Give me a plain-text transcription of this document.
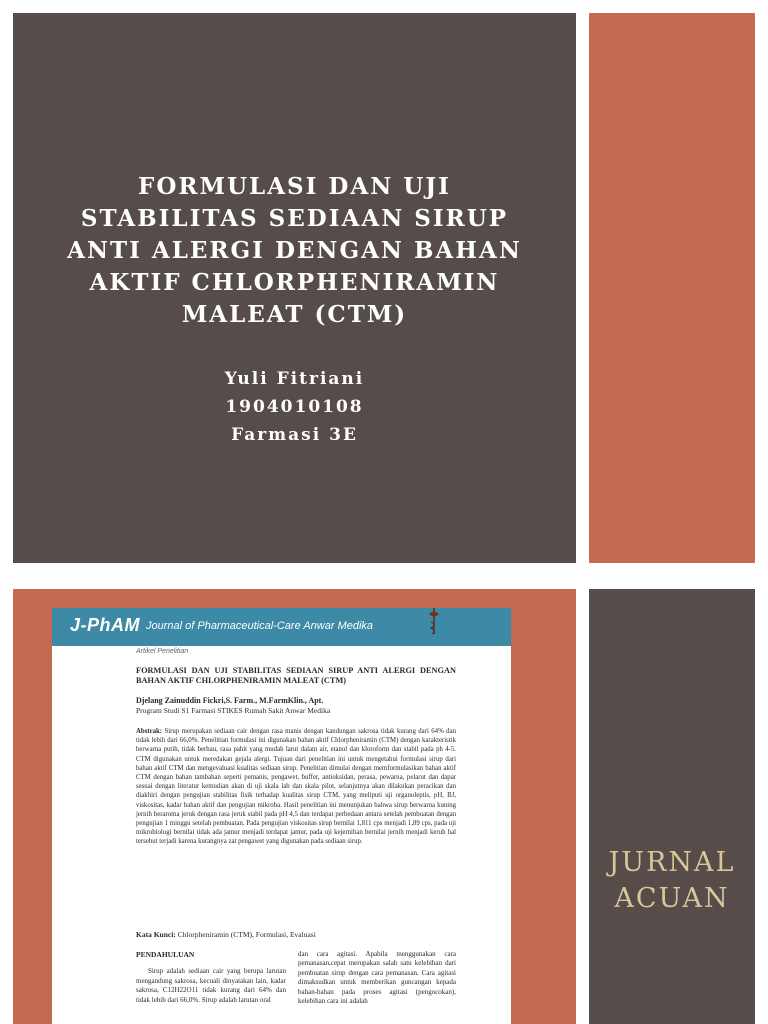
FORMULASI DAN UJI STABILITAS SEDIAAN SIRUP ANTI ALERGI DENGAN BAHAN AKTIF CHLORPHENIRAMIN MALEAT (CTM)
Yuli Fitriani
1904010108
Farmasi 3E
J-PhAM Journal of Pharmaceutical-Care Anwar Medika

Artikel Penelitian

FORMULASI DAN UJI STABILITAS SEDIAAN SIRUP ANTI ALERGI DENGAN BAHAN AKTIF CHLORPHENIRAMIN MALEAT (CTM)

Djelang Zainuddin Fickri,S. Farm., M.FarmKlin., Apt.

Program Studi S1 Farmasi STIKES Rumah Sakit Anwar Medika

Abstrak: Sirup merupakan sediaan cair dengan rasa manis dengan kandungan sakrosa tidak kurang dari 64% dan tidak lebih dari 66,0%. Penelitian formulasi ini digunakan bahan aktif Chlorpheniramin (CTM) dengan karakteristik berwarna putih, tidak berbau, rasa pahit yang mudah larut dalam air, etanol dan kloroform dan stabil pada ph 4-5. CTM digunakan untuk meredakan gejala alergi. Tujuan dari penelitian ini untuk mengetahui formulasi sirup dari bahan aktif CTM dan mengevaluasi kualitas sediaan sirup. Penelitian dimulai dengan memformulasikan bahan aktif CTM dengan bahan tambahan seperti pemanis, pengawet, buffer, antioksidan, perasa, pewarna, pelarut dan dapar sesuai dengan literatur kemudian akan di uji skala lab dan skala pilot, selanjutnya akan dilakukan peracikan dan diakhiri dengan pengujian stabilitas fisik terhadap kualitas sirup CTM, yang meliputi uji organoleptis, pH, BJ, viskositas, kadar bahan aktif dan pengujian mikroba. Hasil penelitian ini menunjukan bahwa sirup berwarna kuning jernih beraroma jeruk dengan rasa jeruk stabil pada pH 4,5 dan terdapat perbedaan antara setelah pembuatan dengan pengujian 1 minggu setelah pembuatan. Pada pengujian viskositas sirup bernilai 1,811 cps menjadi 1,89 cps, pada uji mikrobiologi bernilai tidak ada jamur menjadi terdapat jamur, pada uji kejernihan bernilai jernih menjadi keruh hal tersebut terjadi karena kurangnya zat pengawet yang digunakan pada sediaan sirup.

Kata Kunci: Chlorpheniramin (CTM), Formulasi, Evaluasi

PENDAHULUAN
Sirup adalah sediaan cair yang berupa larutan mengandung sakrosa, kecuali dinyatakan lain, kadar sakrosa, C12H22O11 tidak kurang dari 64% dan tidak lebih dari 66,0%. Sirup adalah larutan oral
dan cara agitasi. Apabila menggunakan cara pemanasan,cepat merupakan salah satu kelebihan dari pembuatan sirup dengan cara pemanasan. Cara agitasi dimaksudkan untuk memberikan guncangan kepada bahan-bahan pada proses agitasi (pengocokan), kelebihan cara ini adalah
JURNAL
ACUAN
